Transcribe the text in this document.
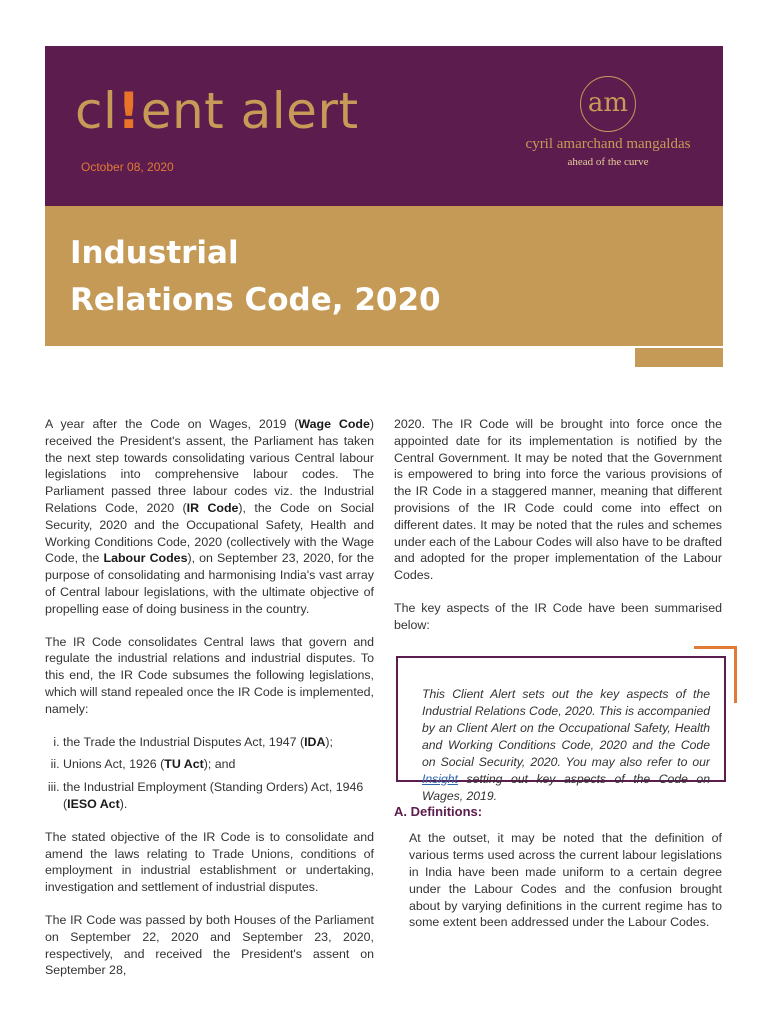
cl!ent alert
October 08, 2020
am
cyril amarchand mangaldas
ahead of the curve
Industrial
Relations Code, 2020

A year after the Code on Wages, 2019 (Wage Code) received the President's assent, the Parliament has taken the next step towards consolidating various Central labour legislations into comprehensive labour codes. The Parliament passed three labour codes viz. the Industrial Relations Code, 2020 (IR Code), the Code on Social Security, 2020 and the Occupational Safety, Health and Working Conditions Code, 2020 (collectively with the Wage Code, the Labour Codes), on September 23, 2020, for the purpose of consolidating and harmonising India's vast array of Central labour legislations, with the ultimate objective of propelling ease of doing business in the country.

The IR Code consolidates Central laws that govern and regulate the industrial relations and industrial disputes. To this end, the IR Code subsumes the following legislations, which will stand repealed once the IR Code is implemented, namely:

i. the Trade the Industrial Disputes Act, 1947 (IDA);
ii. Unions Act, 1926 (TU Act); and
iii. the Industrial Employment (Standing Orders) Act, 1946 (IESO Act).

The stated objective of the IR Code is to consolidate and amend the laws relating to Trade Unions, conditions of employment in industrial establishment or undertaking, investigation and settlement of industrial disputes.

The IR Code was passed by both Houses of the Parliament on September 22, 2020 and September 23, 2020, respectively, and received the President's assent on September 28,

2020. The IR Code will be brought into force once the appointed date for its implementation is notified by the Central Government. It may be noted that the Government is empowered to bring into force the various provisions of the IR Code in a staggered manner, meaning that different provisions of the IR Code could come into effect on different dates. It may be noted that the rules and schemes under each of the Labour Codes will also have to be drafted and adopted for the proper implementation of the Labour Codes.

The key aspects of the IR Code have been summarised below:

This Client Alert sets out the key aspects of the Industrial Relations Code, 2020. This is accompanied by an Client Alert on the Occupational Safety, Health and Working Conditions Code, 2020 and the Code on Social Security, 2020. You may also refer to our Insight setting out key aspects of the Code on Wages, 2019.

A. Definitions:

At the outset, it may be noted that the definition of various terms used across the current labour legislations in India have been made uniform to a certain degree under the Labour Codes and the confusion brought about by varying definitions in the current regime has to some extent been addressed under the Labour Codes.
